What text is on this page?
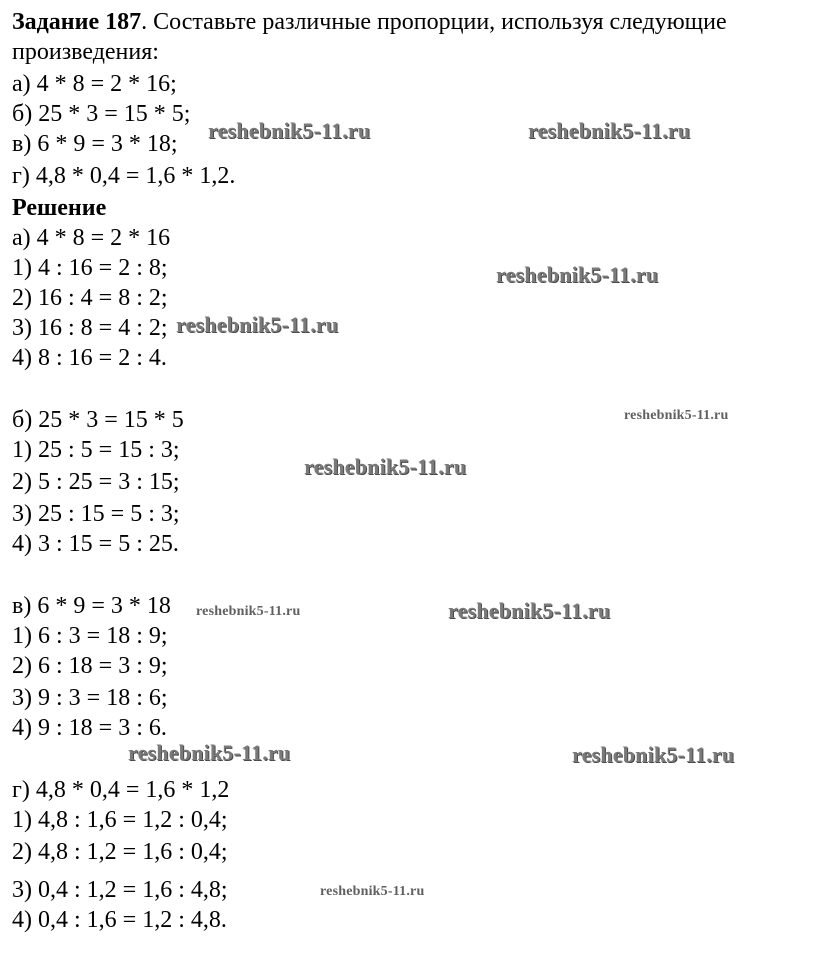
Задание 187. Составьте различные пропорции, используя следующие
произведения:
а) 4 * 8 = 2 * 16;
б) 25 * 3 = 15 * 5;
в) 6 * 9 = 3 * 18;
г) 4,8 * 0,4 = 1,6 * 1,2.
Решение
а) 4 * 8 = 2 * 16
1) 4 : 16 = 2 : 8;
2) 16 : 4 = 8 : 2;
3) 16 : 8 = 4 : 2;
4) 8 : 16 = 2 : 4.
б) 25 * 3 = 15 * 5
1) 25 : 5 = 15 : 3;
2) 5 : 25 = 3 : 15;
3) 25 : 15 = 5 : 3;
4) 3 : 15 = 5 : 25.
в) 6 * 9 = 3 * 18
1) 6 : 3 = 18 : 9;
2) 6 : 18 = 3 : 9;
3) 9 : 3 = 18 : 6;
4) 9 : 18 = 3 : 6.
г) 4,8 * 0,4 = 1,6 * 1,2
1) 4,8 : 1,6 = 1,2 : 0,4;
2) 4,8 : 1,2 = 1,6 : 0,4;
3) 0,4 : 1,2 = 1,6 : 4,8;
4) 0,4 : 1,6 = 1,2 : 4,8.
reshebnik5-11.ru	reshebnik5-11.ru
reshebnik5-11.ru
reshebnik5-11.ru
reshebnik5-11.ru
reshebnik5-11.ru
reshebnik5-11.ru	reshebnik5-11.ru
reshebnik5-11.ru	reshebnik5-11.ru
reshebnik5-11.ru
